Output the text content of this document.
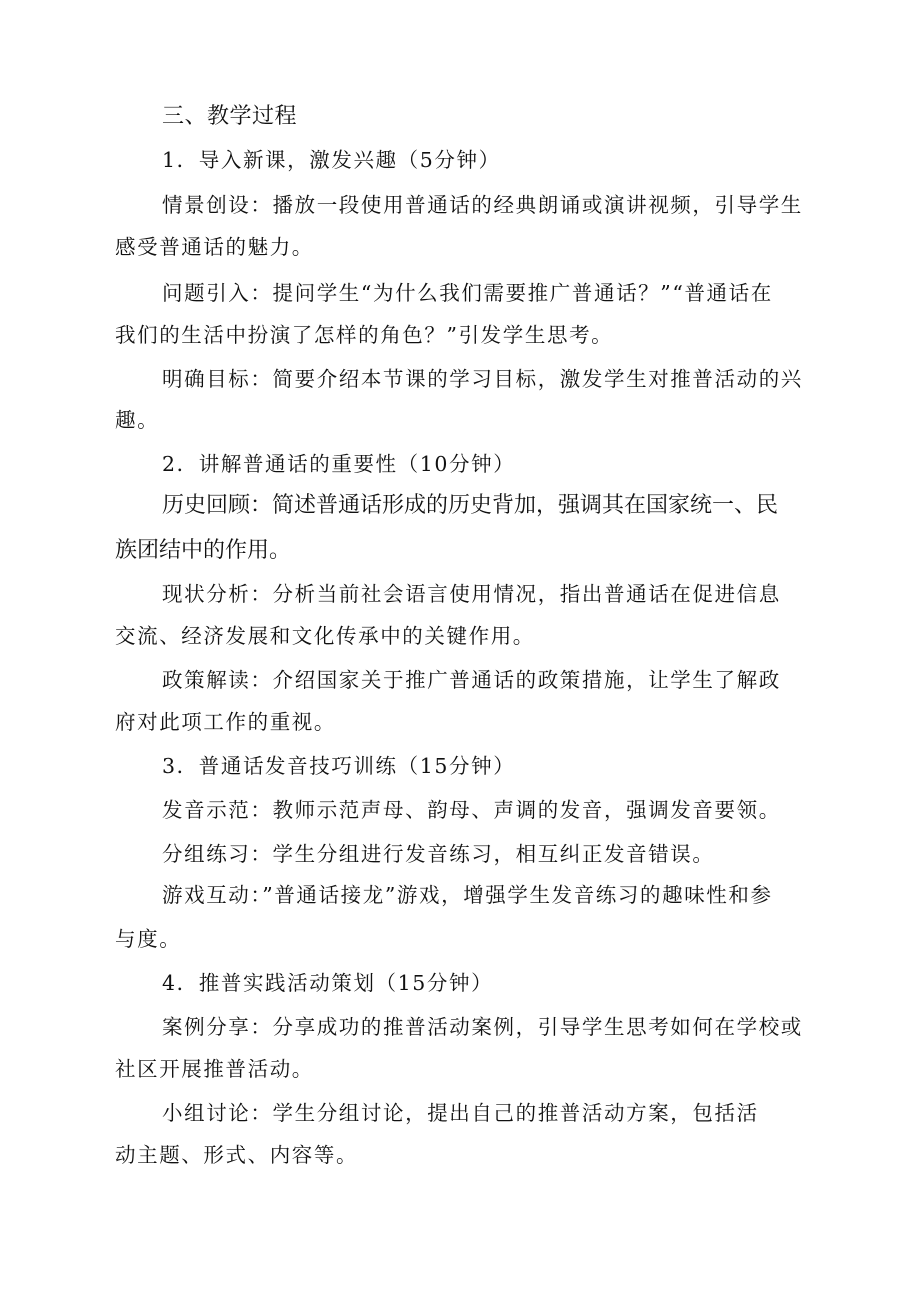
三、教学过程
1．导入新课，激发兴趣（5分钟）
情景创设：播放一段使用普通话的经典朗诵或演讲视频，引导学生
感受普通话的魅力。
问题引入：提问学生“为什么我们需要推广普通话？”“普通话在
我们的生活中扮演了怎样的角色？”引发学生思考。
明确目标：简要介绍本节课的学习目标，激发学生对推普活动的兴
趣。
2．讲解普通话的重要性（10分钟）
历史回顾：简述普通话形成的历史背加，强调其在国家统一、民
族团结中的作用。
现状分析：分析当前社会语言使用情况，指出普通话在促进信息
交流、经济发展和文化传承中的关键作用。
政策解读：介绍国家关于推广普通话的政策措施，让学生了解政
府对此项工作的重视。
3．普通话发音技巧训练（15分钟）
发音示范：教师示范声母、韵母、声调的发音，强调发音要领。
分组练习：学生分组进行发音练习，相互纠正发音错误。
游戏互动：”普通话接龙”游戏，增强学生发音练习的趣味性和参
与度。
4．推普实践活动策划（15分钟）
案例分享：分享成功的推普活动案例，引导学生思考如何在学校或
社区开展推普活动。
小组讨论：学生分组讨论，提出自己的推普活动方案，包括活
动主题、形式、内容等。
